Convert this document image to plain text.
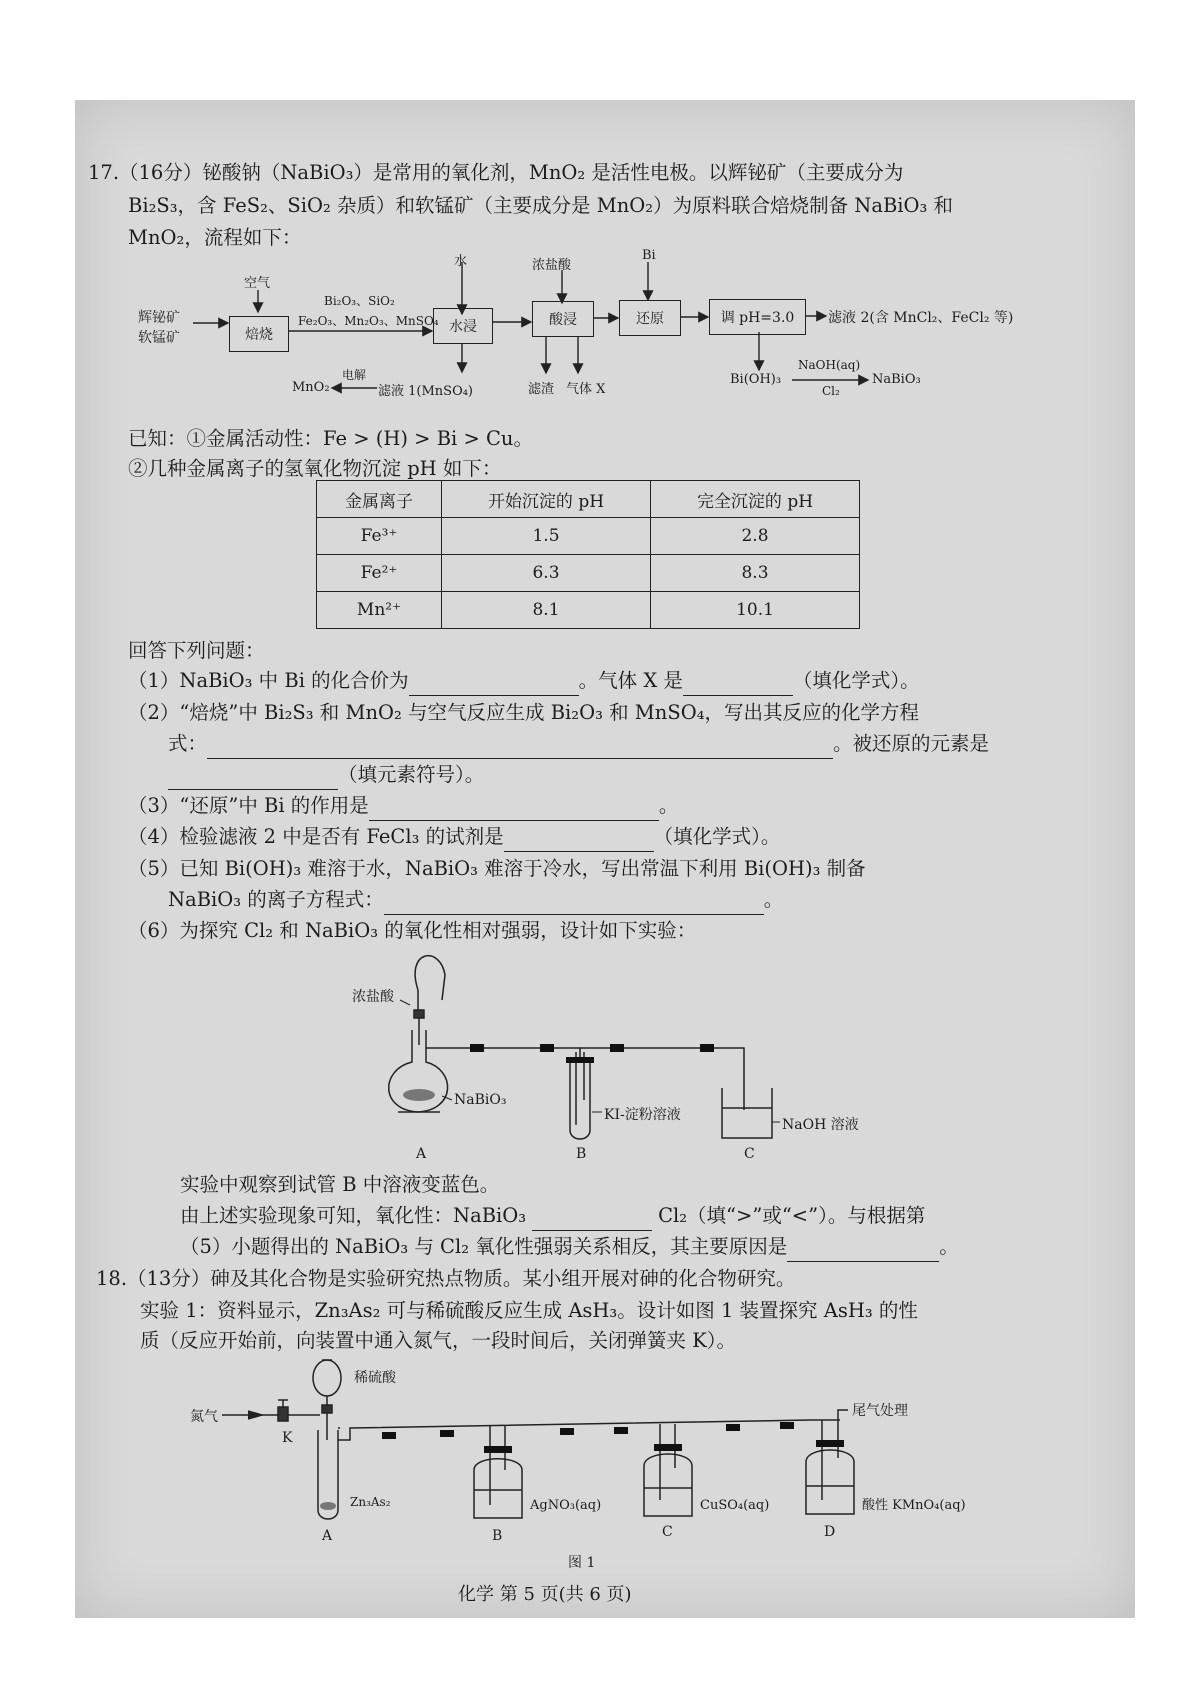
17.（16分）铋酸钠（NaBiO₃）是常用的氧化剂，MnO₂ 是活性电极。以辉铋矿（主要成分为
Bi₂S₃，含 FeS₂、SiO₂ 杂质）和软锰矿（主要成分是 MnO₂）为原料联合焙烧制备 NaBiO₃ 和
MnO₂，流程如下：
辉铋矿
软锰矿
空气
焙烧
Bi₂O₃、SiO₂
Fe₂O₃、Mn₂O₃、MnSO₄
水
水浸
滤液 1(MnSO₄)
电解
MnO₂
浓盐酸
酸浸
滤渣 气体 X
Bi
还原	调 pH=3.0	滤液 2(含 MnCl₂、FeCl₂ 等)
Bi(OH)₃
NaOH(aq)
Cl₂
NaBiO₃
已知：①金属活动性：Fe > (H) > Bi > Cu。
②几种金属离子的氢氧化物沉淀 pH 如下：
金属离子	开始沉淀的 pH	完全沉淀的 pH
Fe³⁺	1.5	2.8
Fe²⁺	6.3	8.3
Mn²⁺	8.1	10.1
回答下列问题：
（1）NaBiO₃ 中 Bi 的化合价为	。气体 X 是	（填化学式）。
（2）“焙烧”中 Bi₂S₃ 和 MnO₂ 与空气反应生成 Bi₂O₃ 和 MnSO₄，写出其反应的化学方程
式：	。被还原的元素是
（填元素符号）。
（3）“还原”中 Bi 的作用是	。
（4）检验滤液 2 中是否有 FeCl₃ 的试剂是	（填化学式）。
（5）已知 Bi(OH)₃ 难溶于水，NaBiO₃ 难溶于冷水，写出常温下利用 Bi(OH)₃ 制备
NaBiO₃ 的离子方程式：	。
（6）为探究 Cl₂ 和 NaBiO₃ 的氧化性相对强弱，设计如下实验：
浓盐酸
NaBiO₃
KI-淀粉溶液
NaOH 溶液
A	B	C
实验中观察到试管 B 中溶液变蓝色。
由上述实验现象可知，氧化性：NaBiO₃	Cl₂（填“>”或“<”）。与根据第
（5）小题得出的 NaBiO₃ 与 Cl₂ 氧化性强弱关系相反，其主要原因是	。
18.（13分）砷及其化合物是实验研究热点物质。某小组开展对砷的化合物研究。
实验 1：资料显示，Zn₃As₂ 可与稀硫酸反应生成 AsH₃。设计如图 1 装置探究 AsH₃ 的性
质（反应开始前，向装置中通入氮气，一段时间后，关闭弹簧夹 K）。
氮气
K
稀硫酸
Zn₃As₂	AgNO₃(aq)	CuSO₄(aq)	酸性 KMnO₄(aq)
尾气处理
A	B	C	D
图 1
化学 第 5 页(共 6 页)
